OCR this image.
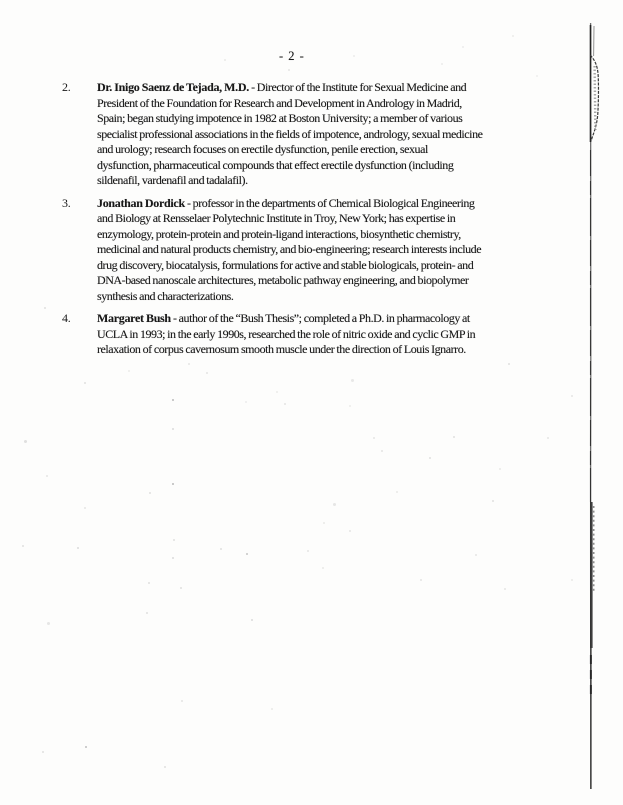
- 2 -
2.	Dr. Inigo Saenz de Tejada, M.D. - Director of the Institute for Sexual Medicine and
President of the Foundation for Research and Development in Andrology in Madrid,
Spain; began studying impotence in 1982 at Boston University; a member of various
specialist professional associations in the fields of impotence, andrology, sexual medicine
and urology; research focuses on erectile dysfunction, penile erection, sexual
dysfunction, pharmaceutical compounds that effect erectile dysfunction (including
sildenafil, vardenafil and tadalafil).
3.	Jonathan Dordick - professor in the departments of Chemical Biological Engineering
and Biology at Rensselaer Polytechnic Institute in Troy, New York; has expertise in
enzymology, protein-protein and protein-ligand interactions, biosynthetic chemistry,
medicinal and natural products chemistry, and bio-engineering; research interests include
drug discovery, biocatalysis, formulations for active and stable biologicals, protein- and
DNA-based nanoscale architectures, metabolic pathway engineering, and biopolymer
synthesis and characterizations.
4.	Margaret Bush - author of the “Bush Thesis”; completed a Ph.D. in pharmacology at
UCLA in 1993; in the early 1990s, researched the role of nitric oxide and cyclic GMP in
relaxation of corpus cavernosum smooth muscle under the direction of Louis Ignarro.
